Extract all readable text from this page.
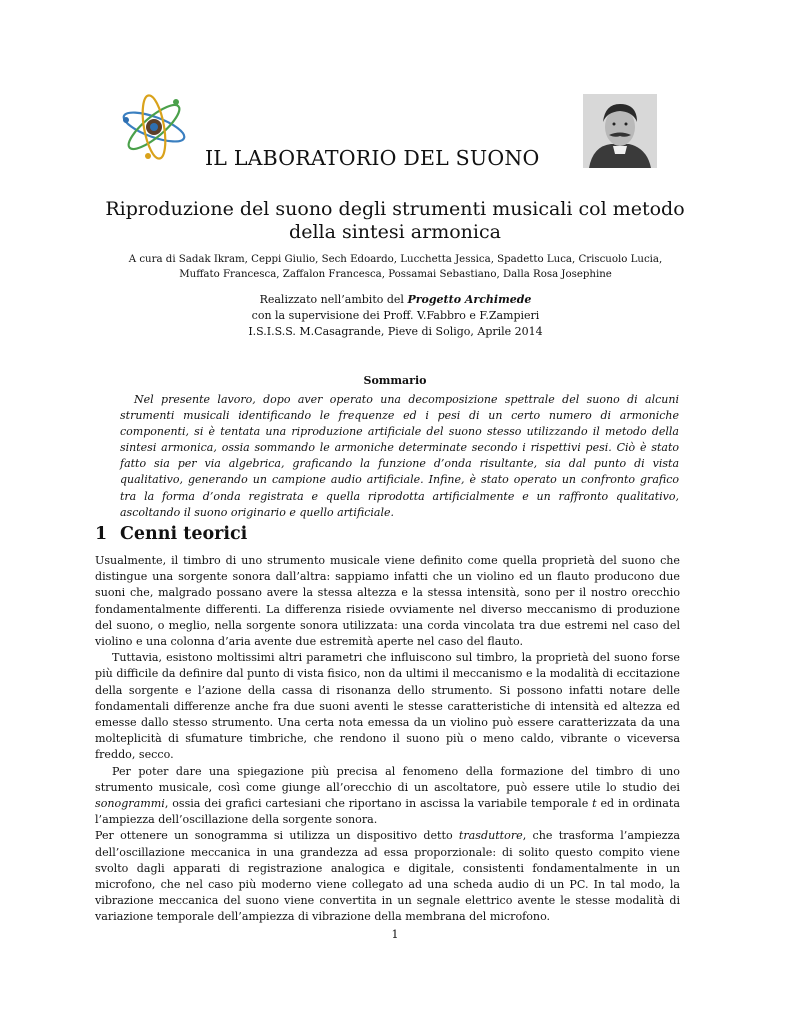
IL LABORATORIO DEL SUONO
Riproduzione del suono degli strumenti musicali col metodo della sintesi armonica
A cura di Sadak Ikram, Ceppi Giulio, Sech Edoardo, Lucchetta Jessica, Spadetto Luca, Criscuolo Lucia, Muffato Francesca, Zaffalon Francesca, Possamai Sebastiano, Dalla Rosa Josephine
Realizzato nell’ambito del Progetto Archimede
con la supervisione dei Proff. V.Fabbro e F.Zampieri
I.S.I.S.S. M.Casagrande, Pieve di Soligo, Aprile 2014
Sommario
Nel presente lavoro, dopo aver operato una decomposizione spettrale del suono di alcuni strumenti musicali identificando le frequenze ed i pesi di un certo numero di armoniche componenti, si è tentata una riproduzione artificiale del suono stesso utilizzando il metodo della sintesi armonica, ossia sommando le armoniche determinate secondo i rispettivi pesi. Ciò è stato fatto sia per via algebrica, graficando la funzione d’onda risultante, sia dal punto di vista qualitativo, generando un campione audio artificiale. Infine, è stato operato un confronto grafico tra la forma d’onda registrata e quella riprodotta artificialmente e un raffronto qualitativo, ascoltando il suono originario e quello artificiale.
1 Cenni teorici

Usualmente, il timbro di uno strumento musicale viene definito come quella proprietà del suono che distingue una sorgente sonora dall’altra: sappiamo infatti che un violino ed un flauto producono due suoni che, malgrado possano avere la stessa altezza e la stessa intensità, sono per il nostro orecchio fondamentalmente differenti. La differenza risiede ovviamente nel diverso meccanismo di produzione del suono, o meglio, nella sorgente sonora utilizzata: una corda vincolata tra due estremi nel caso del violino e una colonna d’aria avente due estremità aperte nel caso del flauto.

Tuttavia, esistono moltissimi altri parametri che influiscono sul timbro, la proprietà del suono forse più difficile da definire dal punto di vista fisico, non da ultimi il meccanismo e la modalità di eccitazione della sorgente e l’azione della cassa di risonanza dello strumento. Si possono infatti notare delle fondamentali differenze anche fra due suoni aventi le stesse caratteristiche di intensità ed altezza ed emesse dallo stesso strumento. Una certa nota emessa da un violino può essere caratterizzata da una molteplicità di sfumature timbriche, che rendono il suono più o meno caldo, vibrante o viceversa freddo, secco.

Per poter dare una spiegazione più precisa al fenomeno della formazione del timbro di uno strumento musicale, così come giunge all’orecchio di un ascoltatore, può essere utile lo studio dei sonogrammi, ossia dei grafici cartesiani che riportano in ascissa la variabile temporale t ed in ordinata l’ampiezza dell’oscillazione della sorgente sonora.

Per ottenere un sonogramma si utilizza un dispositivo detto trasduttore, che trasforma l’ampiezza dell’oscillazione meccanica in una grandezza ad essa proporzionale: di solito questo compito viene svolto dagli apparati di registrazione analogica e digitale, consistenti fondamentalmente in un microfono, che nel caso più moderno viene collegato ad una scheda audio di un PC. In tal modo, la vibrazione meccanica del suono viene convertita in un segnale elettrico avente le stesse modalità di variazione temporale dell’ampiezza di vibrazione della membrana del microfono.

1
